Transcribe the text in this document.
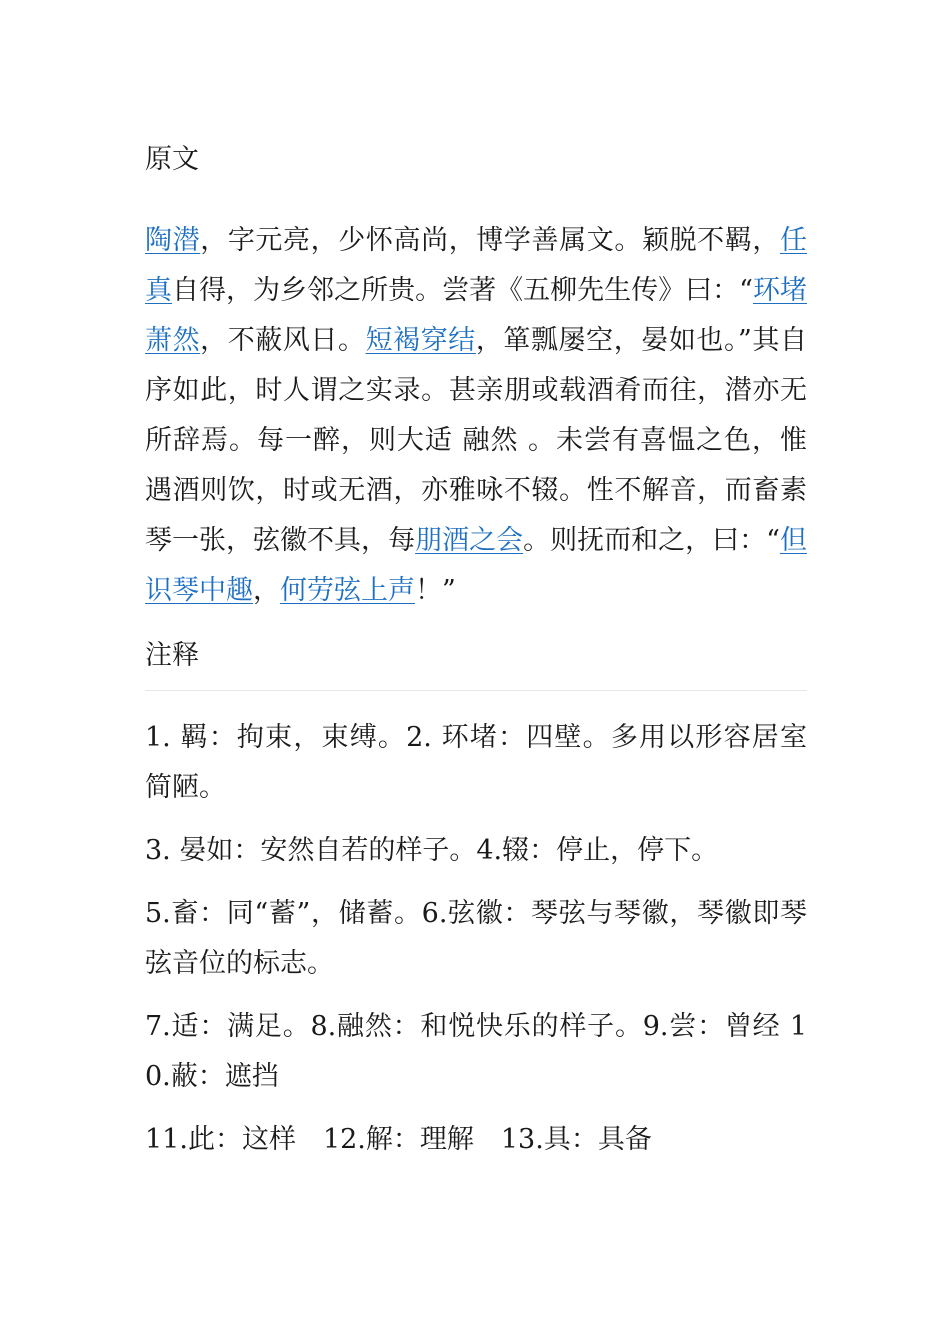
原文

陶潜，字元亮，少怀高尚，博学善属文。颖脱不羁，任真自得，为乡邻之所贵。尝著《五柳先生传》曰：“环堵萧然，不蔽风日。短褐穿结，箪瓢屡空，晏如也。”其自序如此，时人谓之实录。甚亲朋或载酒肴而往，潜亦无所辞焉。每一醉，则大适 融然 。未尝有喜愠之色，惟遇酒则饮，时或无酒，亦雅咏不辍。性不解音，而畜素琴一张，弦徽不具，每朋酒之会。则抚而和之，曰：“但识琴中趣，何劳弦上声！”

注释

1. 羁：拘束，束缚。2. 环堵：四壁。多用以形容居室简陋。

3. 晏如：安然自若的样子。4.辍：停止，停下。

5.畜：同“蓄”，储蓄。6.弦徽：琴弦与琴徽，琴徽即琴弦音位的标志。

7.适：满足。8.融然：和悦快乐的样子。9.尝：曾经 10.蔽：遮挡

11.此：这样　12.解：理解　13.具：具备
